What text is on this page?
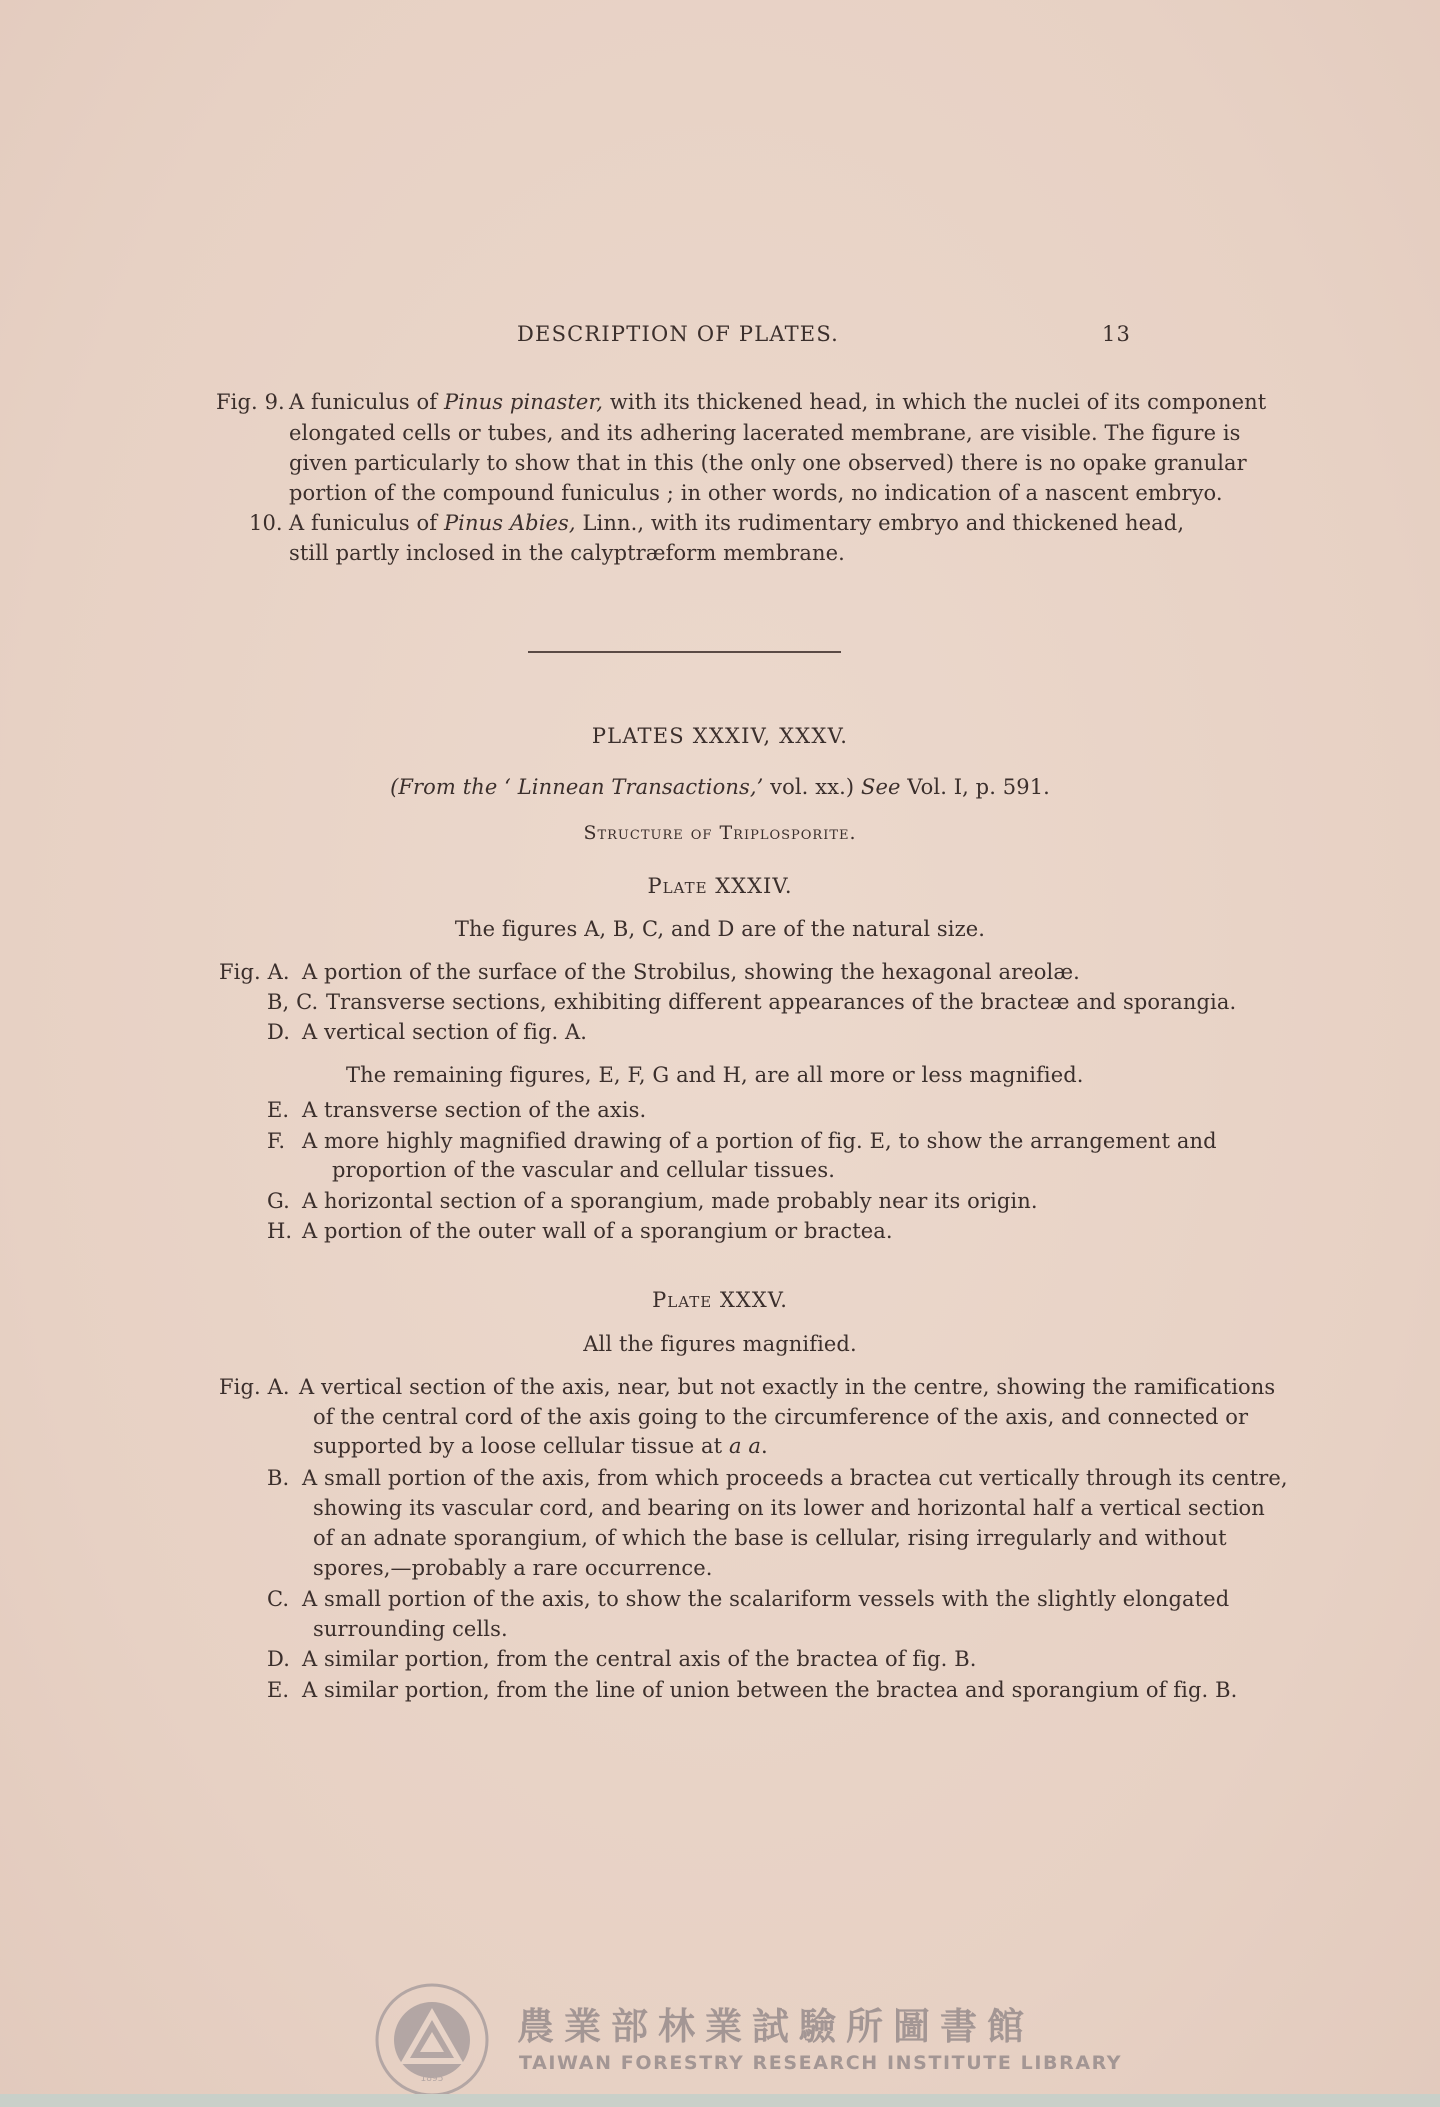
DESCRIPTION OF PLATES.	13
Fig. 9. A funiculus of Pinus pinaster, with its thickened head, in which the nuclei of its component
elongated cells or tubes, and its adhering lacerated membrane, are visible. The figure is
given particularly to show that in this (the only one observed) there is no opake granular
portion of the compound funiculus ; in other words, no indication of a nascent embryo.
10. A funiculus of Pinus Abies, Linn., with its rudimentary embryo and thickened head,
still partly inclosed in the calyptræform membrane.
PLATES XXXIV, XXXV.
(From the ‘ Linnean Transactions,’ vol. xx.) See Vol. I, p. 591.
Structure of Triplosporite.
Plate XXXIV.
The figures A, B, C, and D are of the natural size.
Fig. A. A portion of the surface of the Strobilus, showing the hexagonal areolæ.
B, C. Transverse sections, exhibiting different appearances of the bracteæ and sporangia.
D. A vertical section of fig. A.
The remaining figures, E, F, G and H, are all more or less magnified.
E. A transverse section of the axis.
F. A more highly magnified drawing of a portion of fig. E, to show the arrangement and
proportion of the vascular and cellular tissues.
G. A horizontal section of a sporangium, made probably near its origin.
H. A portion of the outer wall of a sporangium or bractea.
Plate XXXV.
All the figures magnified.
Fig. A. A vertical section of the axis, near, but not exactly in the centre, showing the ramifications
of the central cord of the axis going to the circumference of the axis, and connected or
supported by a loose cellular tissue at a a.
B. A small portion of the axis, from which proceeds a bractea cut vertically through its centre,
showing its vascular cord, and bearing on its lower and horizontal half a vertical section
of an adnate sporangium, of which the base is cellular, rising irregularly and without
spores,—probably a rare occurrence.
C. A small portion of the axis, to show the scalariform vessels with the slightly elongated
surrounding cells.
D. A similar portion, from the central axis of the bractea of fig. B.
E. A similar portion, from the line of union between the bractea and sporangium of fig. B.
1895
農業部林業試驗所圖書館
TAIWAN FORESTRY RESEARCH INSTITUTE LIBRARY
